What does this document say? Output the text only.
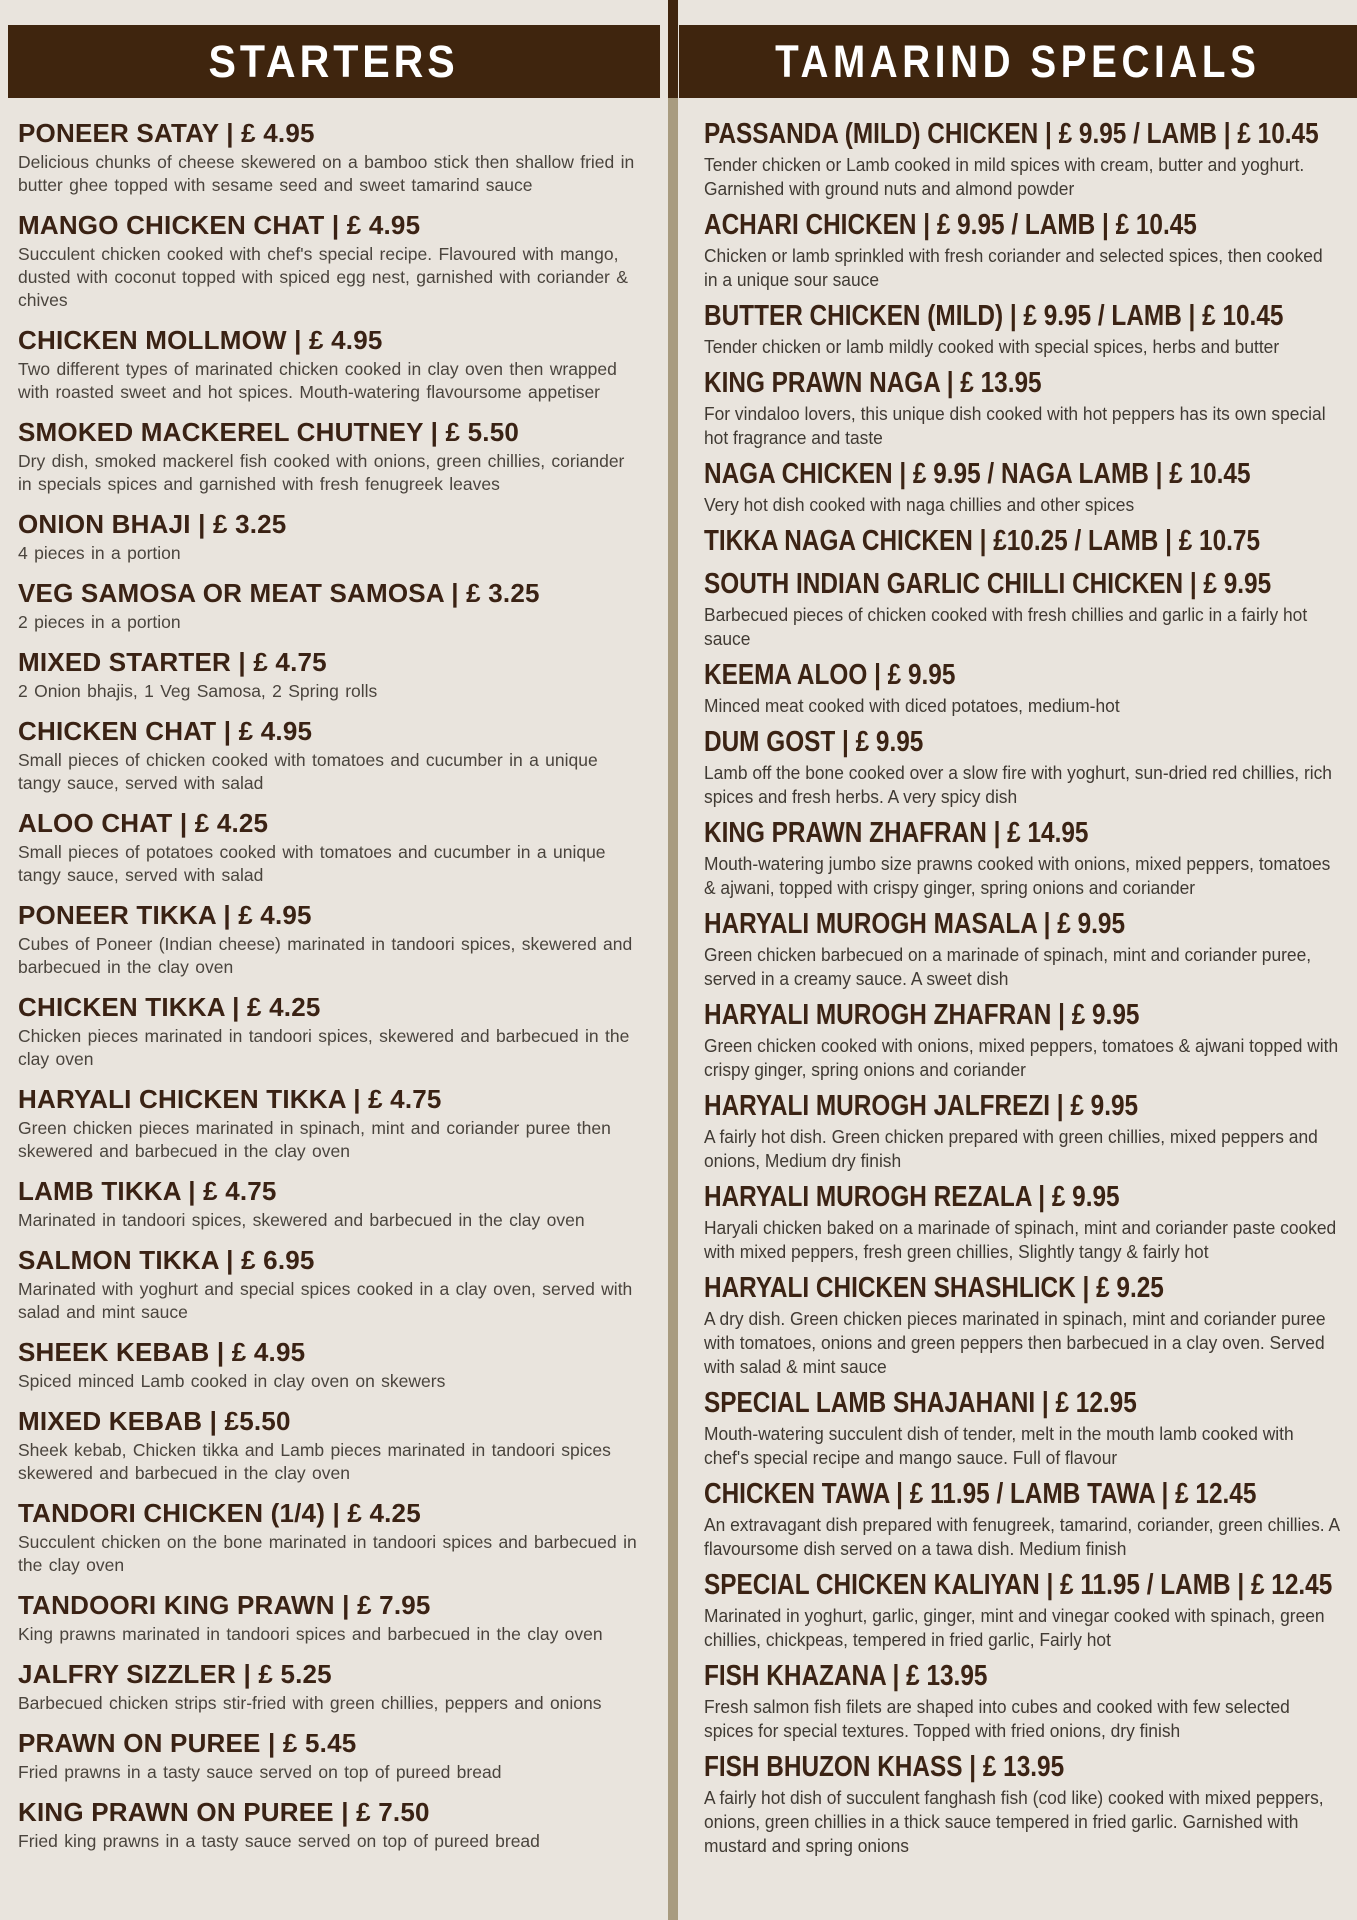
STARTERS	TAMARIND SPECIALS
PONEER SATAY | £ 4.95
Delicious chunks of cheese skewered on a bamboo stick then shallow fried in butter ghee topped with sesame seed and sweet tamarind sauce
MANGO CHICKEN CHAT | £ 4.95
Succulent chicken cooked with chef's special recipe. Flavoured with mango, dusted with coconut topped with spiced egg nest, garnished with coriander & chives
CHICKEN MOLLMOW | £ 4.95
Two different types of marinated chicken cooked in clay oven then wrapped with roasted sweet and hot spices. Mouth-watering flavoursome appetiser
SMOKED MACKEREL CHUTNEY | £ 5.50
Dry dish, smoked mackerel fish cooked with onions, green chillies, coriander in specials spices and garnished with fresh fenugreek leaves
ONION BHAJI | £ 3.25
4 pieces in a portion
VEG SAMOSA OR MEAT SAMOSA | £ 3.25
2 pieces in a portion
MIXED STARTER | £ 4.75
2 Onion bhajis, 1 Veg Samosa, 2 Spring rolls
CHICKEN CHAT | £ 4.95
Small pieces of chicken cooked with tomatoes and cucumber in a unique tangy sauce, served with salad
ALOO CHAT | £ 4.25
Small pieces of potatoes cooked with tomatoes and cucumber in a unique tangy sauce, served with salad
PONEER TIKKA | £ 4.95
Cubes of Poneer (Indian cheese) marinated in tandoori spices, skewered and barbecued in the clay oven
CHICKEN TIKKA | £ 4.25
Chicken pieces marinated in tandoori spices, skewered and barbecued in the clay oven
HARYALI CHICKEN TIKKA | £ 4.75
Green chicken pieces marinated in spinach, mint and coriander puree then skewered and barbecued in the clay oven
LAMB TIKKA | £ 4.75
Marinated in tandoori spices, skewered and barbecued in the clay oven
SALMON TIKKA | £ 6.95
Marinated with yoghurt and special spices cooked in a clay oven, served with salad and mint sauce
SHEEK KEBAB | £ 4.95
Spiced minced Lamb cooked in clay oven on skewers
MIXED KEBAB | £5.50
Sheek kebab, Chicken tikka and Lamb pieces marinated in tandoori spices skewered and barbecued in the clay oven
TANDORI CHICKEN (1/4) | £ 4.25
Succulent chicken on the bone marinated in tandoori spices and barbecued in the clay oven
TANDOORI KING PRAWN | £ 7.95
King prawns marinated in tandoori spices and barbecued in the clay oven
JALFRY SIZZLER | £ 5.25
Barbecued chicken strips stir-fried with green chillies, peppers and onions
PRAWN ON PUREE | £ 5.45
Fried prawns in a tasty sauce served on top of pureed bread
KING PRAWN ON PUREE | £ 7.50
Fried king prawns in a tasty sauce served on top of pureed bread
PASSANDA (MILD) CHICKEN | £ 9.95 / LAMB | £ 10.45
Tender chicken or Lamb cooked in mild spices with cream, butter and yoghurt. Garnished with ground nuts and almond powder
ACHARI CHICKEN | £ 9.95 / LAMB | £ 10.45
Chicken or lamb sprinkled with fresh coriander and selected spices, then cooked in a unique sour sauce
BUTTER CHICKEN (MILD) | £ 9.95 / LAMB | £ 10.45
Tender chicken or lamb mildly cooked with special spices, herbs and butter
KING PRAWN NAGA | £ 13.95
For vindaloo lovers, this unique dish cooked with hot peppers has its own special hot fragrance and taste
NAGA CHICKEN | £ 9.95 / NAGA LAMB | £ 10.45
Very hot dish cooked with naga chillies and other spices
TIKKA NAGA CHICKEN | £10.25 / LAMB | £ 10.75
SOUTH INDIAN GARLIC CHILLI CHICKEN | £ 9.95
Barbecued pieces of chicken cooked with fresh chillies and garlic in a fairly hot sauce
KEEMA ALOO | £ 9.95
Minced meat cooked with diced potatoes, medium-hot
DUM GOST | £ 9.95
Lamb off the bone cooked over a slow fire with yoghurt, sun-dried red chillies, rich spices and fresh herbs. A very spicy dish
KING PRAWN ZHAFRAN | £ 14.95
Mouth-watering jumbo size prawns cooked with onions, mixed peppers, tomatoes & ajwani, topped with crispy ginger, spring onions and coriander
HARYALI MUROGH MASALA | £ 9.95
Green chicken barbecued on a marinade of spinach, mint and coriander puree, served in a creamy sauce. A sweet dish
HARYALI MUROGH ZHAFRAN | £ 9.95
Green chicken cooked with onions, mixed peppers, tomatoes & ajwani topped with crispy ginger, spring onions and coriander
HARYALI MUROGH JALFREZI | £ 9.95
A fairly hot dish. Green chicken prepared with green chillies, mixed peppers and onions, Medium dry finish
HARYALI MUROGH REZALA | £ 9.95
Haryali chicken baked on a marinade of spinach, mint and coriander paste cooked with mixed peppers, fresh green chillies, Slightly tangy & fairly hot
HARYALI CHICKEN SHASHLICK | £ 9.25
A dry dish. Green chicken pieces marinated in spinach, mint and coriander puree with tomatoes, onions and green peppers then barbecued in a clay oven. Served with salad & mint sauce
SPECIAL LAMB SHAJAHANI | £ 12.95
Mouth-watering succulent dish of tender, melt in the mouth lamb cooked with chef's special recipe and mango sauce. Full of flavour
CHICKEN TAWA | £ 11.95 / LAMB TAWA | £ 12.45
An extravagant dish prepared with fenugreek, tamarind, coriander, green chillies. A flavoursome dish served on a tawa dish. Medium finish
SPECIAL CHICKEN KALIYAN | £ 11.95 / LAMB | £ 12.45
Marinated in yoghurt, garlic, ginger, mint and vinegar cooked with spinach, green chillies, chickpeas, tempered in fried garlic, Fairly hot
FISH KHAZANA | £ 13.95
Fresh salmon fish filets are shaped into cubes and cooked with few selected spices for special textures. Topped with fried onions, dry finish
FISH BHUZON KHASS | £ 13.95
A fairly hot dish of succulent fanghash fish (cod like) cooked with mixed peppers, onions, green chillies in a thick sauce tempered in fried garlic. Garnished with mustard and spring onions
